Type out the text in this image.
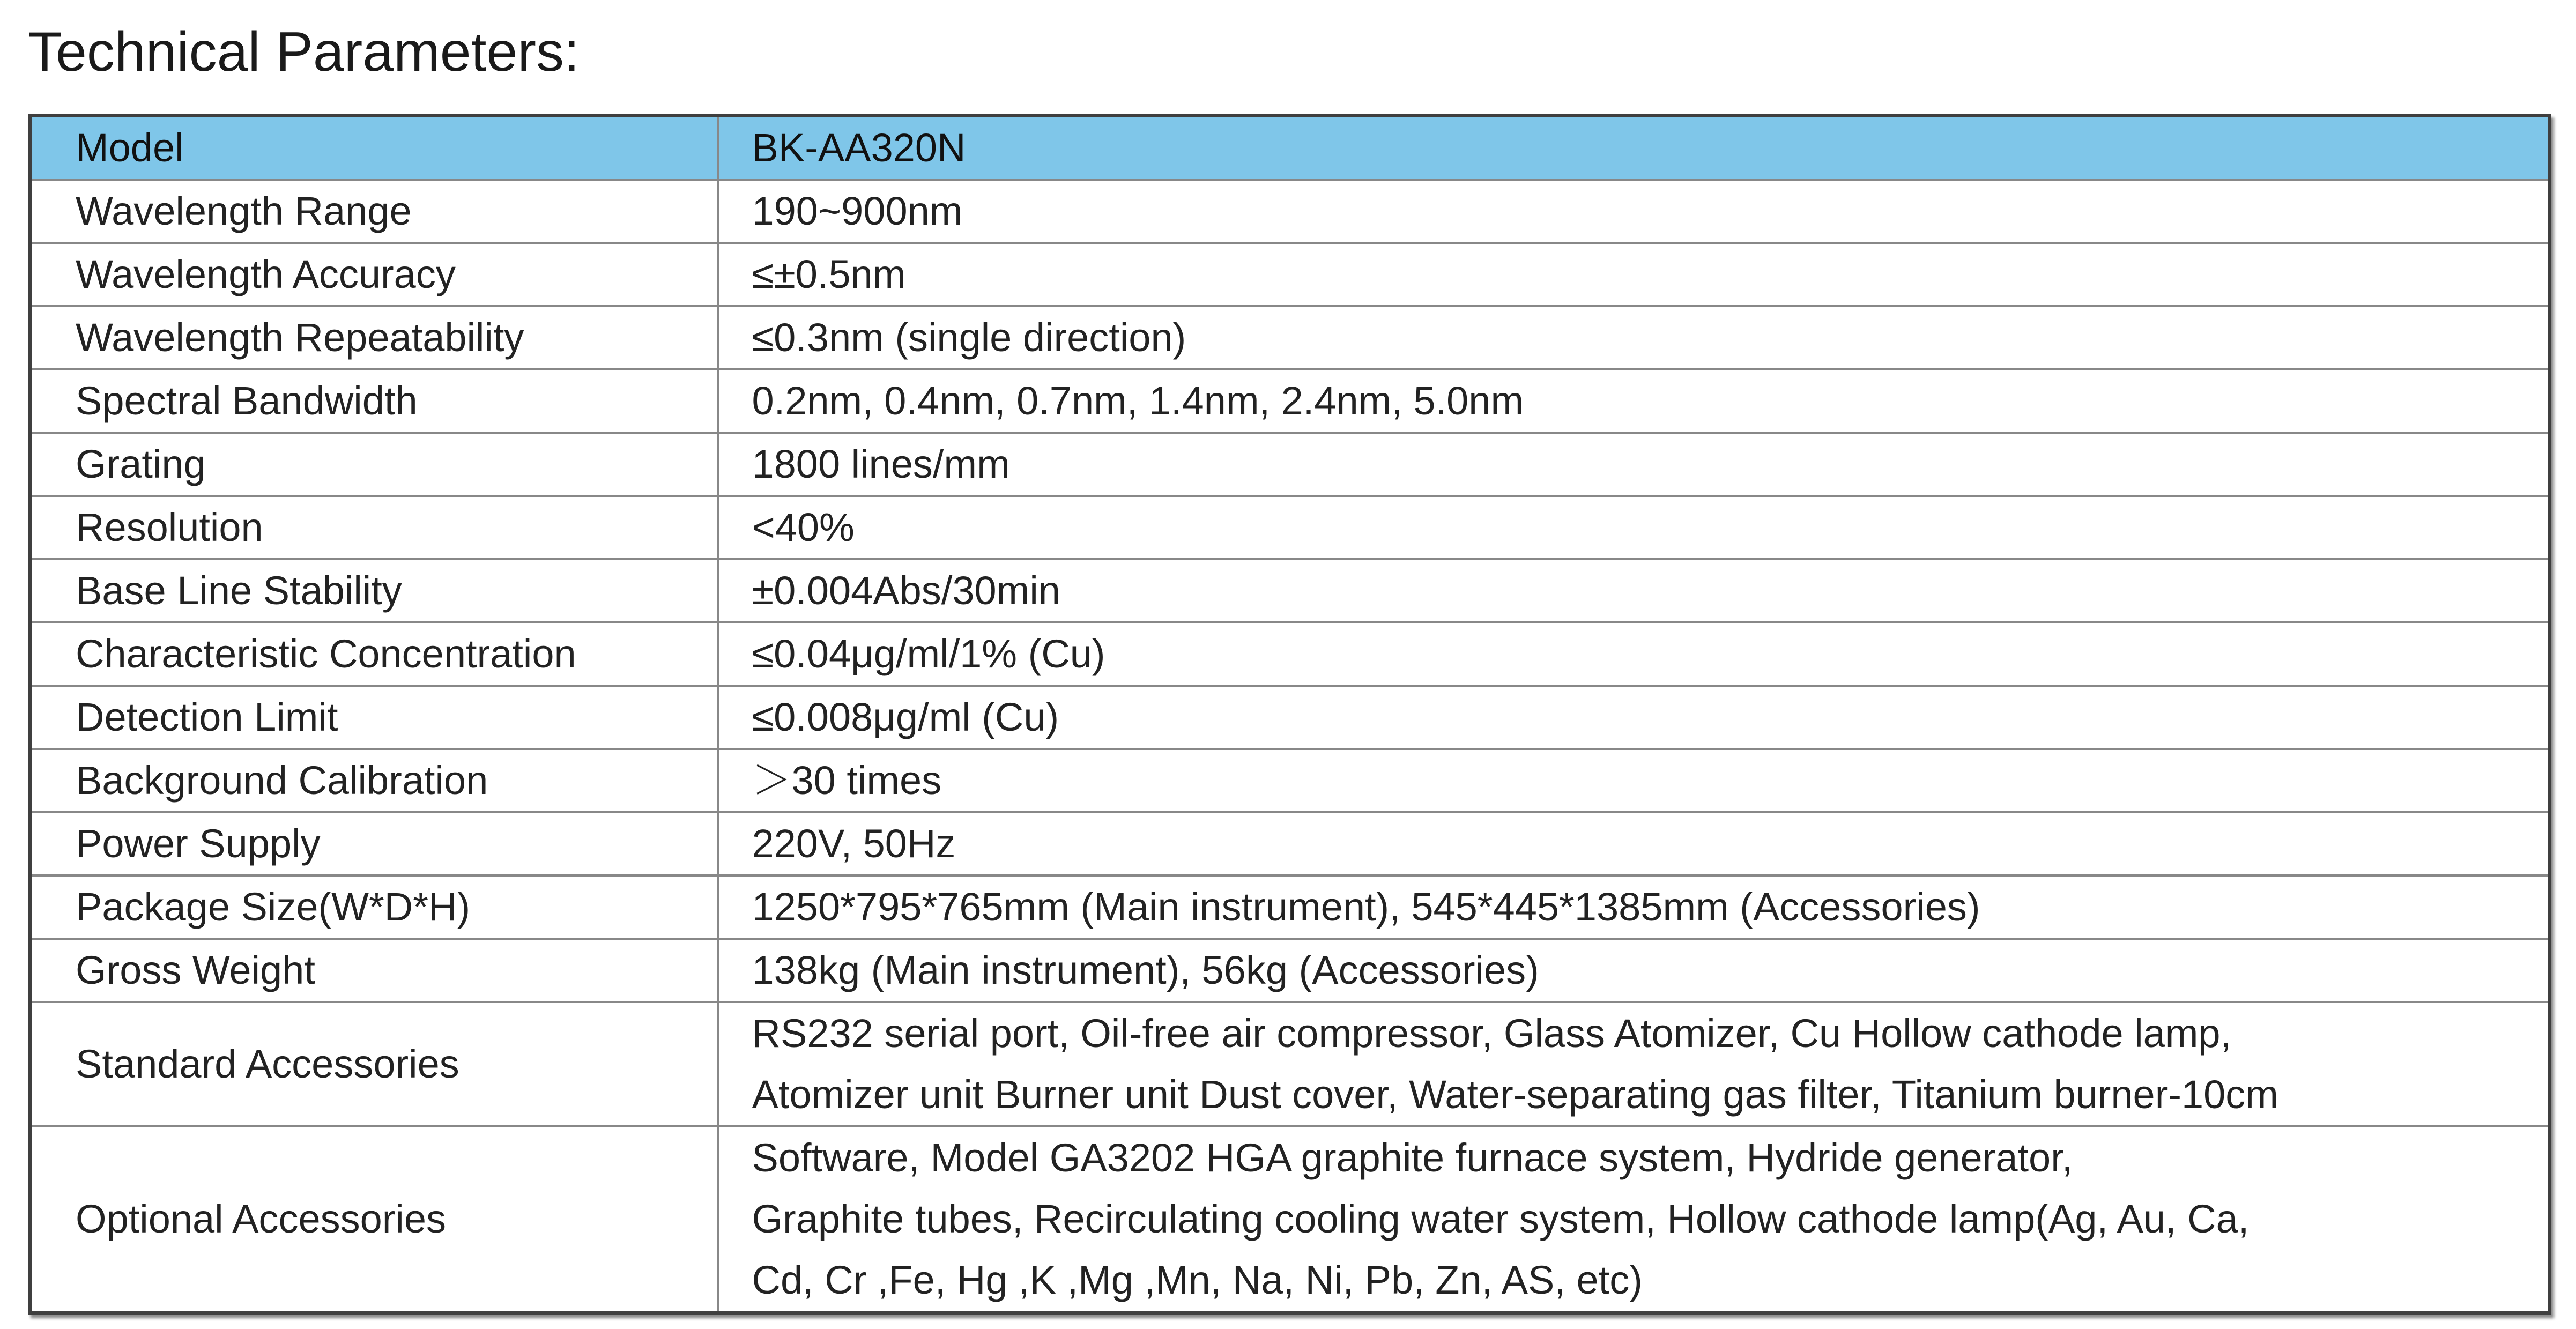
Technical Parameters:
Model	BK-AA320N
Wavelength Range	190~900nm

Wavelength Accuracy	≤±0.5nm

Wavelength Repeatability	≤0.3nm (single direction)

Spectral Bandwidth	0.2nm, 0.4nm, 0.7nm, 1.4nm, 2.4nm, 5.0nm

Grating	1800 lines/mm

Resolution	<40%

Base Line Stability	±0.004Abs/30min

Characteristic Concentration	≤0.04μg/ml/1% (Cu)

Detection Limit	≤0.008μg/ml (Cu)

Background Calibration	＞30 times

Power Supply	220V, 50Hz

Package Size(W*D*H)	1250*795*765mm (Main instrument), 545*445*1385mm (Accessories)

Gross Weight	138kg (Main instrument), 56kg (Accessories)

Standard Accessories	RS232 serial port, Oil-free air compressor, Glass Atomizer, Cu Hollow cathode lamp,
Atomizer unit Burner unit Dust cover, Water-separating gas filter, Titanium burner-10cm

Optional Accessories	Software, Model GA3202 HGA graphite furnace system, Hydride generator,
Graphite tubes, Recirculating cooling water system, Hollow cathode lamp(Ag, Au, Ca,
Cd, Cr ,Fe, Hg ,K ,Mg ,Mn, Na, Ni, Pb, Zn, AS, etc)
